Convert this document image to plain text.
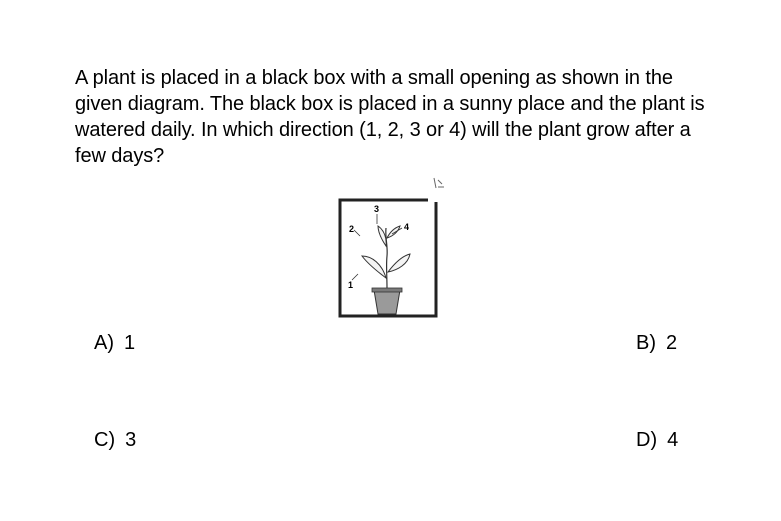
A plant is placed in a black box with a small opening as shown in the given diagram. The black box is placed in a sunny place and the plant is watered daily. In which direction (1, 2, 3 or 4) will the plant grow after a few days?
1
2
3
4
A) 1	B) 2
C) 3	D) 4
